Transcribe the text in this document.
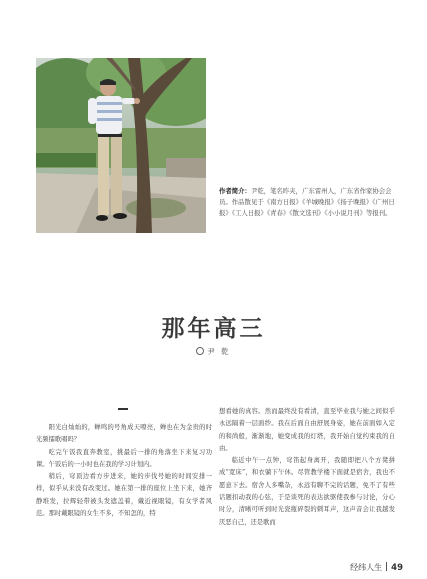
作者简介：尹乾，笔名昨夹，广东雷州人，广东省作家协会会员。作品散见于《南方日报》《羊城晚报》《扬子晚报》《广州日报》《工人日报》《青春》《散文选刊》《小小说月刊》等报刊。
那年高三
尹 乾

阳光白灿灿的，蝉鸣的号角成天嘹亮，蝉也在为金贵的时光频擂歌唱吗？

吃完午饭我直奔教室，挑最后一排的角落坐下来复习功课。午饭后的一小时也在我的学习计划内。

稍后，穹顶边看方步进来，她的步伐号她的时间安排一样，似乎从来没有改变过。她在第一排的座位上坐下来，她齐静堆发，拉辉轻带被头发遮盖着，戴近视眼镜，有女学者风范。那时戴眼镜的女生不多，不知怎的，特

想看她的真容。然而最终没有看清，直至毕业我与她之间似乎永远隔着一层面纱。我在后面自由舒展身姿，她在前面如入定的和尚般，渐渐地，她变成我的灯塔，我开始自觉约束我的自由。

临近中午一点钟，穹笛起身离开，我随即把八个方凳拼成“宽床”，和衣躺下午休。尽管教学楼下面就是宿舍，我也不愿意下去。宿舍人多嘴杂，永远有聊不完的话题，免不了有些话题扣动我的心弦，于是谈死的表达欲驱使我参与讨论，分心时分，清晰可听到时光瓷瓶碎裂的刺耳声，这声音会让我越发厌恶自己，还是歌而

经纬人生 49
